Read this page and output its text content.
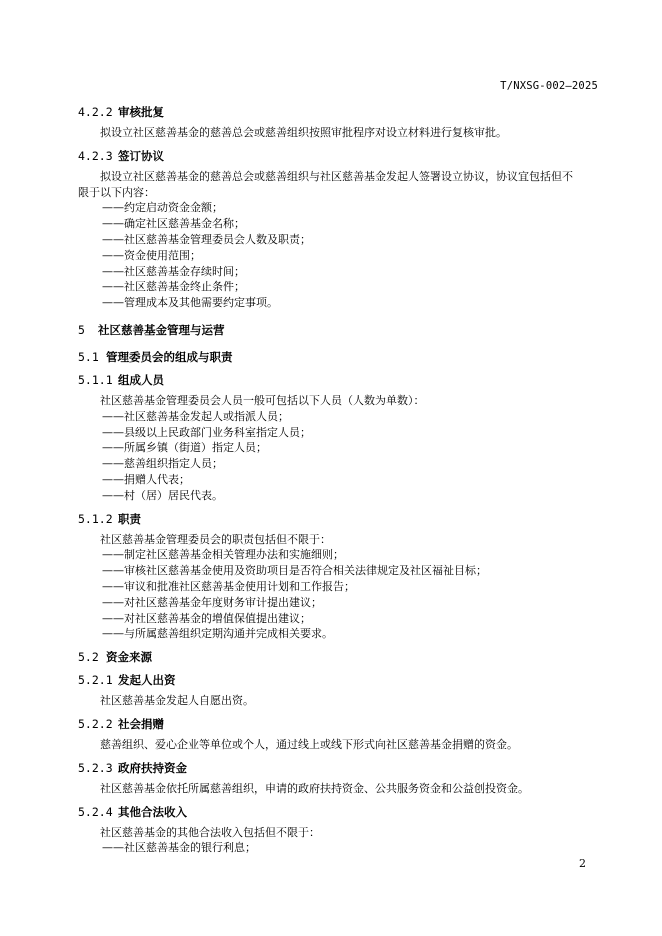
T/NXSG-002—2025
4.2.2 审核批复
拟设立社区慈善基金的慈善总会或慈善组织按照审批程序对设立材料进行复核审批。
4.2.3 签订协议
拟设立社区慈善基金的慈善总会或慈善组织与社区慈善基金发起人签署设立协议，协议宜包括但不
限于以下内容：
——约定启动资金金额；
——确定社区慈善基金名称；
——社区慈善基金管理委员会人数及职责；
——资金使用范围；
——社区慈善基金存续时间；
——社区慈善基金终止条件；
——管理成本及其他需要约定事项。
5 社区慈善基金管理与运营
5.1 管理委员会的组成与职责
5.1.1 组成人员
社区慈善基金管理委员会人员一般可包括以下人员（人数为单数）：
——社区慈善基金发起人或指派人员；
——县级以上民政部门业务科室指定人员；
——所属乡镇（街道）指定人员；
——慈善组织指定人员；
——捐赠人代表；
——村（居）居民代表。
5.1.2 职责
社区慈善基金管理委员会的职责包括但不限于：
——制定社区慈善基金相关管理办法和实施细则；
——审核社区慈善基金使用及资助项目是否符合相关法律规定及社区福祉目标；
——审议和批准社区慈善基金使用计划和工作报告；
——对社区慈善基金年度财务审计提出建议；
——对社区慈善基金的增值保值提出建议；
——与所属慈善组织定期沟通并完成相关要求。
5.2 资金来源
5.2.1 发起人出资
社区慈善基金发起人自愿出资。
5.2.2 社会捐赠
慈善组织、爱心企业等单位或个人，通过线上或线下形式向社区慈善基金捐赠的资金。
5.2.3 政府扶持资金
社区慈善基金依托所属慈善组织，申请的政府扶持资金、公共服务资金和公益创投资金。
5.2.4 其他合法收入
社区慈善基金的其他合法收入包括但不限于：
——社区慈善基金的银行利息；
2
